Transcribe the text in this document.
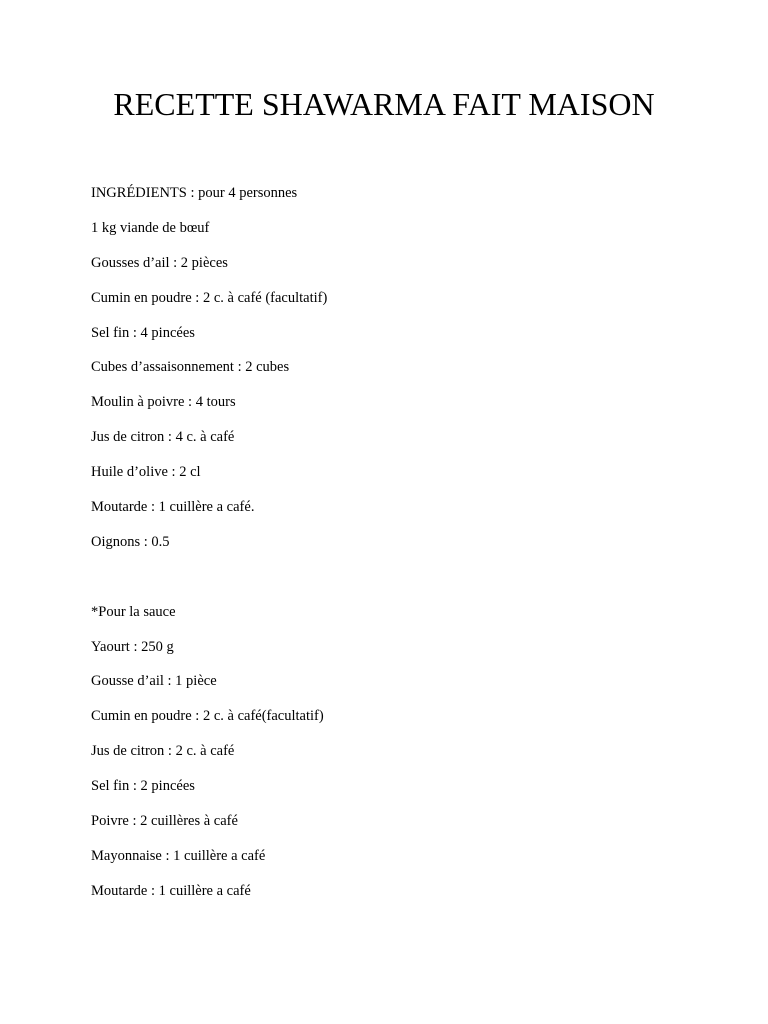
RECETTE SHAWARMA FAIT MAISON
INGRÉDIENTS : pour 4 personnes
1 kg viande de bœuf
Gousses d’ail : 2 pièces
Cumin en poudre : 2 c. à café (facultatif)
Sel fin : 4 pincées
Cubes d’assaisonnement : 2 cubes
Moulin à poivre : 4 tours
Jus de citron : 4 c. à café
Huile d’olive : 2 cl
Moutarde : 1 cuillère a café.
Oignons : 0.5
*Pour la sauce
Yaourt : 250 g
Gousse d’ail : 1 pièce
Cumin en poudre : 2 c. à café(facultatif)
Jus de citron : 2 c. à café
Sel fin : 2 pincées
Poivre : 2 cuillères à café
Mayonnaise : 1 cuillère a café
Moutarde : 1 cuillère a café
